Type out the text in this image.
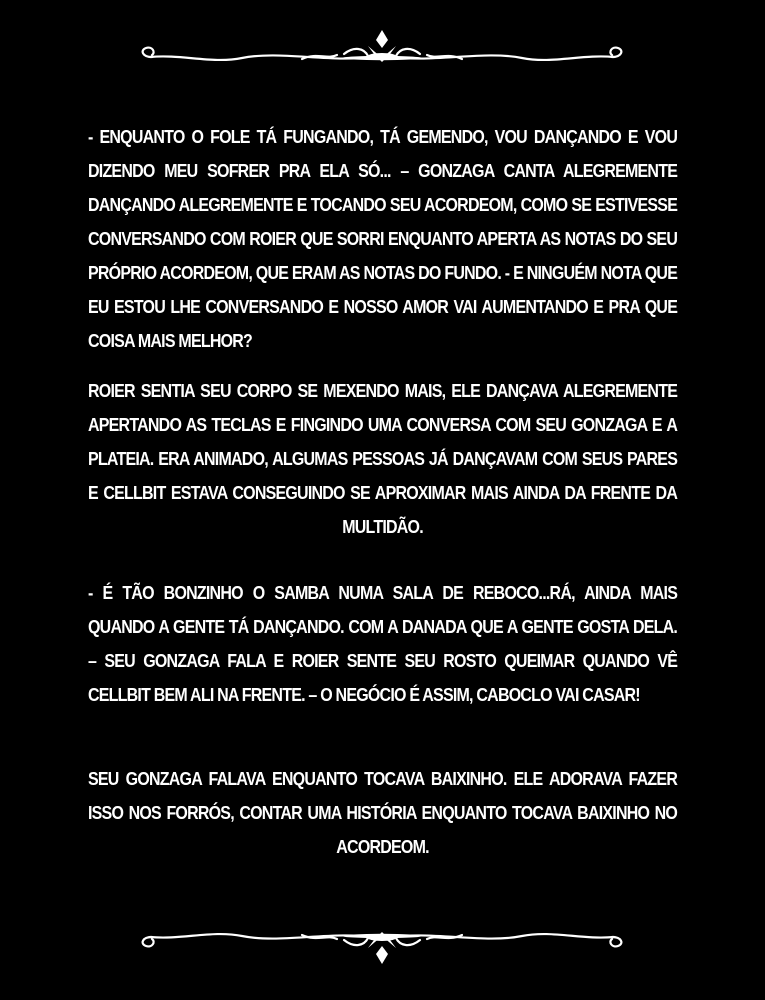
- ENQUANTO O FOLE TÁ FUNGANDO, TÁ GEMENDO, VOU DANÇANDO E VOU DIZENDO MEU SOFRER PRA ELA SÓ... – GONZAGA CANTA ALEGREMENTE DANÇANDO ALEGREMENTE E TOCANDO SEU ACORDEOM, COMO SE ESTIVESSE CONVERSANDO COM ROIER QUE SORRI ENQUANTO APERTA AS NOTAS DO SEU PRÓPRIO ACORDEOM, QUE ERAM AS NOTAS DO FUNDO. - E NINGUÉM NOTA QUE EU ESTOU LHE CONVERSANDO E NOSSO AMOR VAI AUMENTANDO E PRA QUE COISA MAIS MELHOR?

ROIER SENTIA SEU CORPO SE MEXENDO MAIS, ELE DANÇAVA ALEGREMENTE APERTANDO AS TECLAS E FINGINDO UMA CONVERSA COM SEU GONZAGA E A PLATEIA. ERA ANIMADO, ALGUMAS PESSOAS JÁ DANÇAVAM COM SEUS PARES E CELLBIT ESTAVA CONSEGUINDO SE APROXIMAR MAIS AINDA DA FRENTE DA MULTIDÃO.

- É TÃO BONZINHO O SAMBA NUMA SALA DE REBOCO...RÁ, AINDA MAIS QUANDO A GENTE TÁ DANÇANDO. COM A DANADA QUE A GENTE GOSTA DELA. – SEU GONZAGA FALA E ROIER SENTE SEU ROSTO QUEIMAR QUANDO VÊ CELLBIT BEM ALI NA FRENTE. – O NEGÓCIO É ASSIM, CABOCLO VAI CASAR!

SEU GONZAGA FALAVA ENQUANTO TOCAVA BAIXINHO. ELE ADORAVA FAZER ISSO NOS FORRÓS, CONTAR UMA HISTÓRIA ENQUANTO TOCAVA BAIXINHO NO ACORDEOM.
